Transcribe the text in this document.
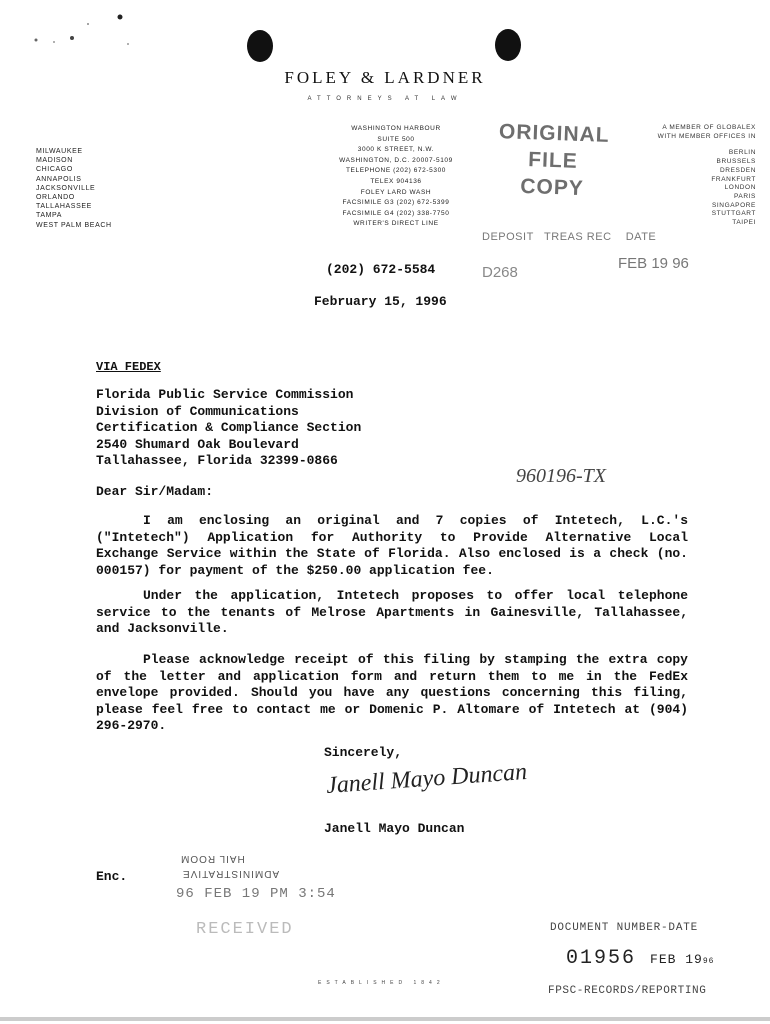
FOLEY & LARDNER
ATTORNEYS AT LAW
MILWAUKEE
MADISON
CHICAGO
ANNAPOLIS
JACKSONVILLE
ORLANDO
TALLAHASSEE
TAMPA
WEST PALM BEACH
WASHINGTON HARBOUR
SUITE 500
3000 K STREET, N.W.
WASHINGTON, D.C. 20007-5109
TELEPHONE (202) 672-5300
TELEX 904136
FOLEY LARD WASH
FACSIMILE G3 (202) 672-5399
FACSIMILE G4 (202) 338-7750
WRITER'S DIRECT LINE
A MEMBER OF GLOBALEX
WITH MEMBER OFFICES IN
BERLIN
BRUSSELS
DRESDEN
FRANKFURT
LONDON
PARIS
SINGAPORE
STUTTGART
TAIPEI
ORIGINAL
FILE COPY
DEPOSIT   TREAS REC    DATE
D268
FEB 19 96
(202) 672-5584
February 15, 1996
VIA FEDEX
Florida Public Service Commission
Division of Communications
Certification & Compliance Section
2540 Shumard Oak Boulevard
Tallahassee, Florida 32399-0866
960196-TX
Dear Sir/Madam:
I am enclosing an original and 7 copies of Intetech, L.C.'s ("Intetech") Application for Authority to Provide Alternative Local Exchange Service within the State of Florida. Also enclosed is a check (no. 000157) for payment of the $250.00 application fee.
Under the application, Intetech proposes to offer local telephone service to the tenants of Melrose Apartments in Gainesville, Tallahassee, and Jacksonville.
Please acknowledge receipt of this filing by stamping the extra copy of the letter and application form and return them to me in the FedEx envelope provided. Should you have any questions concerning this filing, please feel free to contact me or Domenic P. Altomare of Intetech at (904) 296-2970.
Sincerely,
Janell Mayo Duncan
Janell Mayo Duncan
Enc.
HAIL ROOM
ADMINISTRATIVE
96 FEB 19 PM 3:54
RECEIVED	DOCUMENT NUMBER-DATE
01956 FEB 1996
FPSC-RECORDS/REPORTING
ESTABLISHED 1842
